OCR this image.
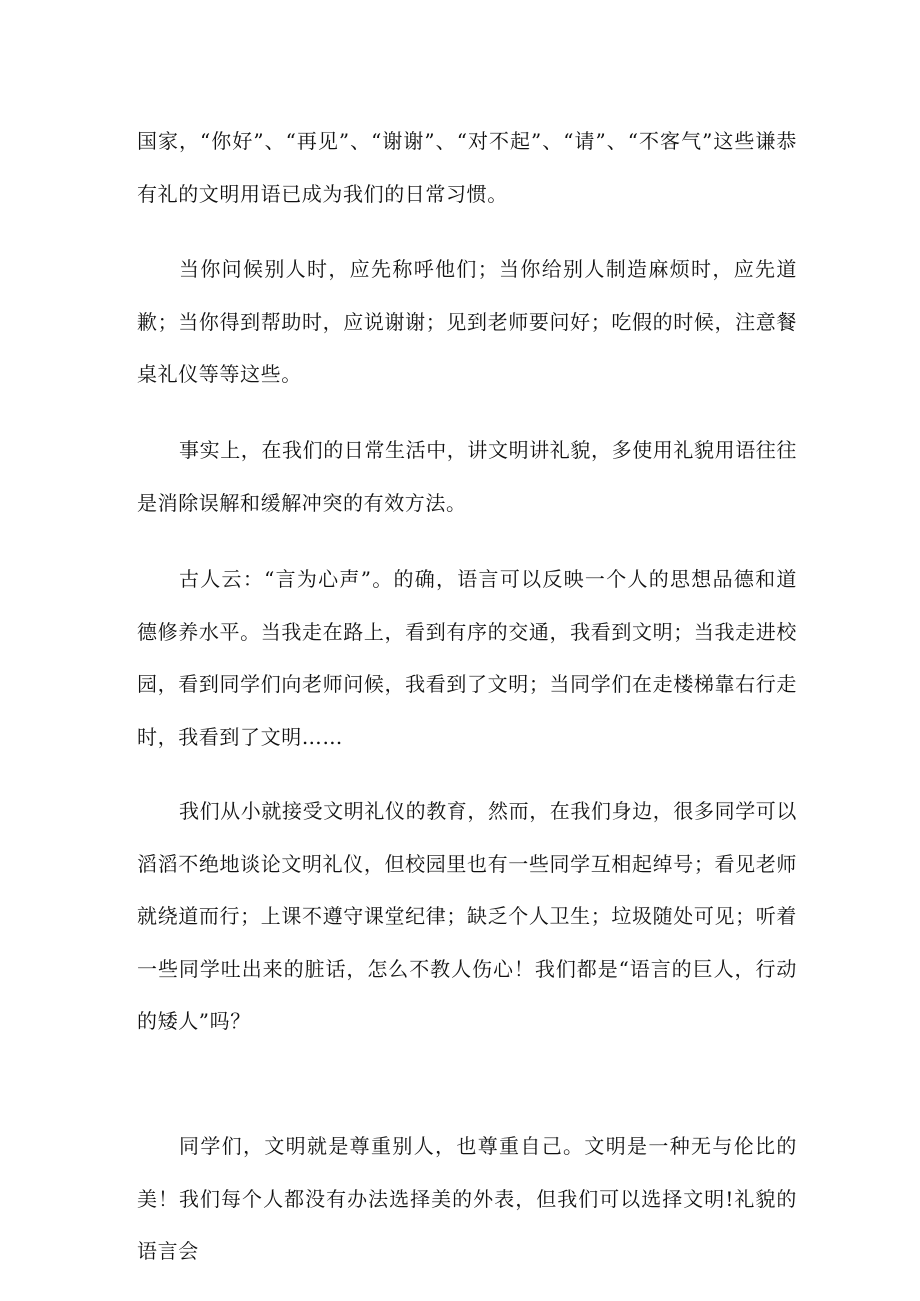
国家，“你好”、“再见”、“谢谢”、“对不起”、“请”、“不客气”这些谦恭有礼的文明用语已成为我们的日常习惯。

当你问候别人时，应先称呼他们；当你给别人制造麻烦时，应先道歉；当你得到帮助时，应说谢谢；见到老师要问好；吃假的时候，注意餐桌礼仪等等这些。

事实上，在我们的日常生活中，讲文明讲礼貌，多使用礼貌用语往往是消除误解和缓解冲突的有效方法。

古人云：“言为心声”。的确，语言可以反映一个人的思想品德和道德修养水平。当我走在路上，看到有序的交通，我看到文明；当我走进校园，看到同学们向老师问候，我看到了文明；当同学们在走楼梯靠右行走时，我看到了文明……

我们从小就接受文明礼仪的教育，然而，在我们身边，很多同学可以滔滔不绝地谈论文明礼仪，但校园里也有一些同学互相起绰号；看见老师就绕道而行；上课不遵守课堂纪律；缺乏个人卫生；垃圾随处可见；听着一些同学吐出来的脏话，怎么不教人伤心！我们都是“语言的巨人，行动的矮人”吗？

同学们，文明就是尊重别人，也尊重自己。文明是一种无与伦比的美！我们每个人都没有办法选择美的外表，但我们可以选择文明!礼貌的语言会
